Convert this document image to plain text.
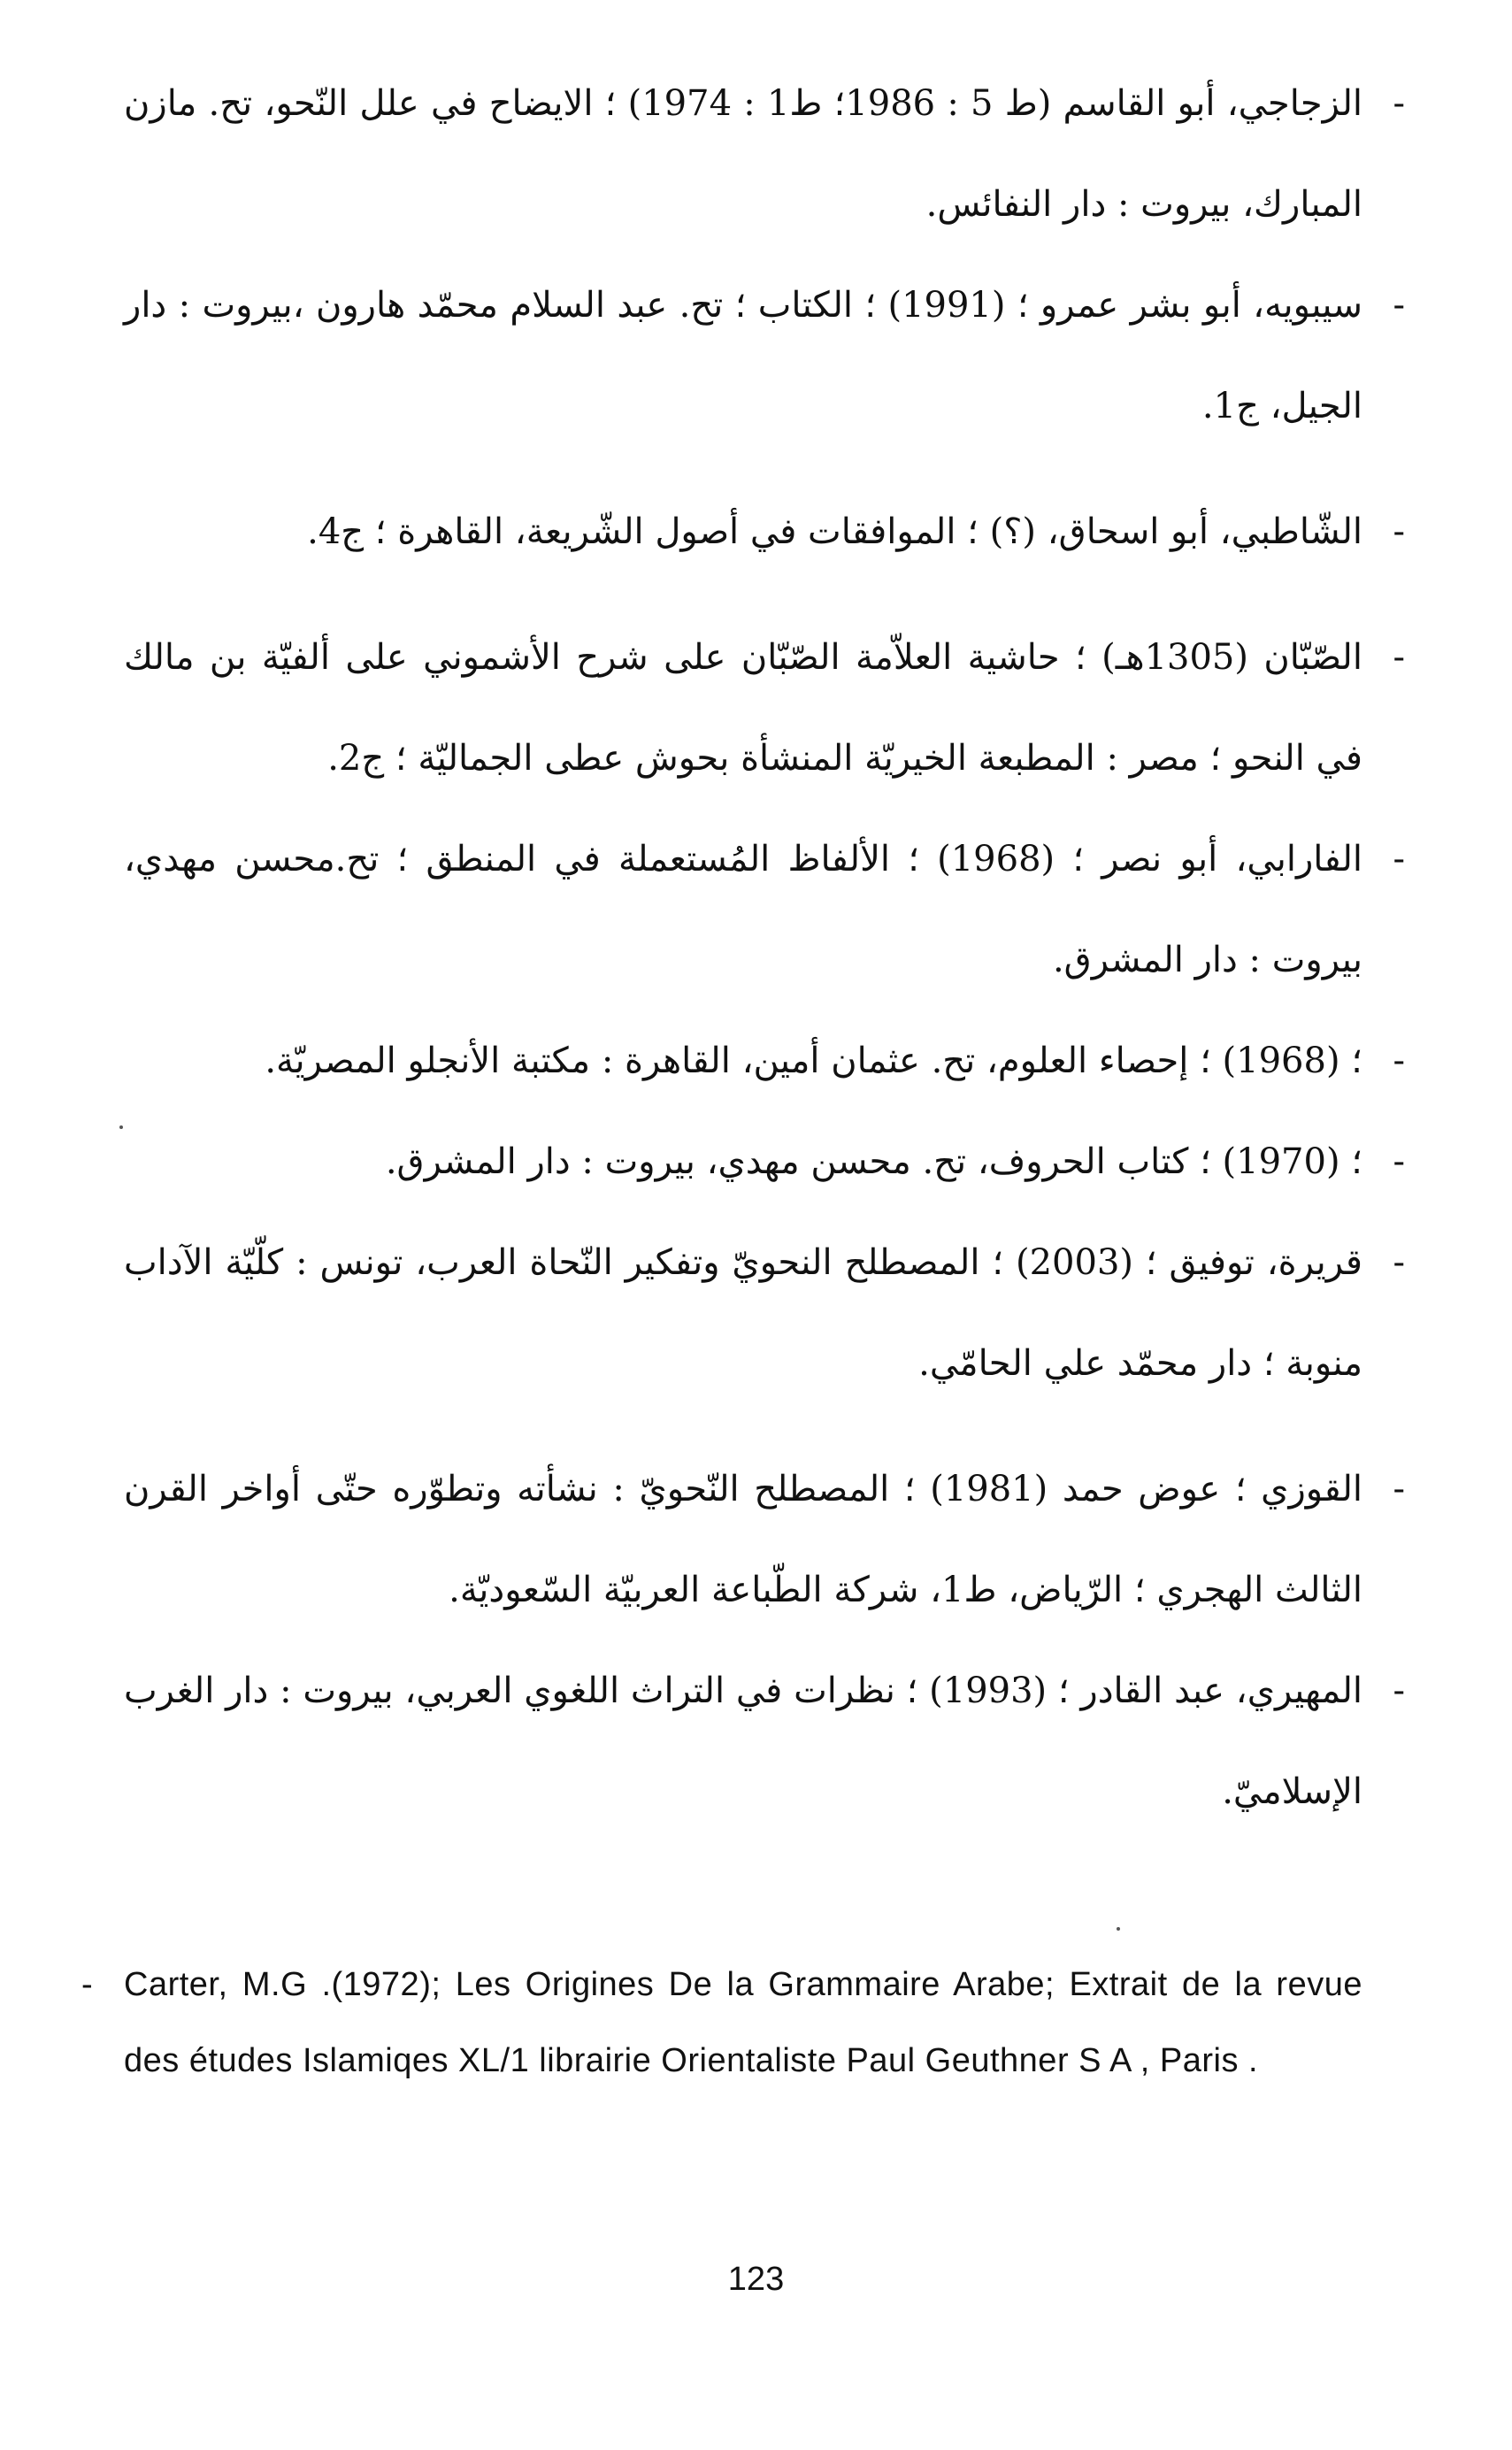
-
الزجاجي، أبو القاسم (ط 5 : 1986؛ ط1 : 1974) ؛ الايضاح في علل النّحو، تح. مازن المبارك، بيروت : دار النفائس.
-
سيبويه، أبو بشر عمرو ؛ (1991) ؛ الكتاب ؛ تح. عبد السلام محمّد هارون ،بيروت : دار الجيل، ج1.
-
الشّاطبي، أبو اسحاق، (؟) ؛ الموافقات في أصول الشّريعة، القاهرة ؛ ج4.
-
الصّبّان (1305هـ) ؛ حاشية العلاّمة الصّبّان على شرح الأشموني على ألفيّة بن مالك في النحو ؛ مصر : المطبعة الخيريّة المنشأة بحوش عطى الجماليّة ؛ ج2.
-
الفارابي، أبو نصر ؛ (1968) ؛ الألفاظ المُستعملة في المنطق ؛ تح.محسن مهدي، بيروت : دار المشرق.
-
؛ (1968) ؛ إحصاء العلوم، تح. عثمان أمين، القاهرة : مكتبة الأنجلو المصريّة.
-
؛ (1970) ؛ كتاب الحروف، تح. محسن مهدي، بيروت : دار المشرق.
-
قريرة، توفيق ؛ (2003) ؛ المصطلح النحويّ وتفكير النّحاة العرب، تونس : كلّيّة الآداب منوبة ؛ دار محمّد علي الحامّي.
-
القوزي ؛ عوض حمد (1981) ؛ المصطلح النّحويّ : نشأته وتطوّره حتّى أواخر القرن الثالث الهجري ؛ الرّياض، ط1، شركة الطّباعة العربيّة السّعوديّة.
-
المهيري، عبد القادر ؛ (1993) ؛ نظرات في التراث اللغوي العربي، بيروت : دار الغرب الإسلاميّ.
- Carter, M.G .(1972); Les Origines De la Grammaire Arabe; Extrait de la revue des études Islamiqes XL/1 librairie Orientaliste Paul Geuthner S A , Paris .
123
